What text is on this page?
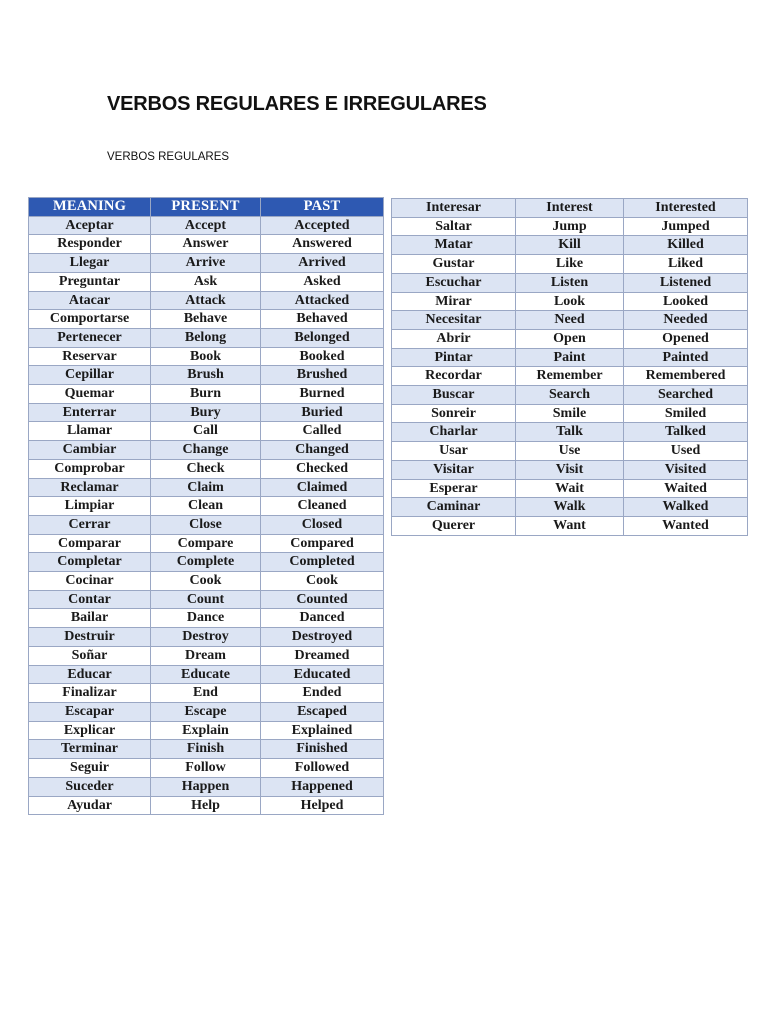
VERBOS REGULARES E IRREGULARES
VERBOS REGULARES
MEANING	PRESENT	PAST
Aceptar	Accept	Accepted
Responder	Answer	Answered
Llegar	Arrive	Arrived
Preguntar	Ask	Asked
Atacar	Attack	Attacked
Comportarse	Behave	Behaved
Pertenecer	Belong	Belonged
Reservar	Book	Booked
Cepillar	Brush	Brushed
Quemar	Burn	Burned
Enterrar	Bury	Buried
Llamar	Call	Called
Cambiar	Change	Changed
Comprobar	Check	Checked
Reclamar	Claim	Claimed
Limpiar	Clean	Cleaned
Cerrar	Close	Closed
Comparar	Compare	Compared
Completar	Complete	Completed
Cocinar	Cook	Cook
Contar	Count	Counted
Bailar	Dance	Danced
Destruir	Destroy	Destroyed
Soñar	Dream	Dreamed
Educar	Educate	Educated
Finalizar	End	Ended
Escapar	Escape	Escaped
Explicar	Explain	Explained
Terminar	Finish	Finished
Seguir	Follow	Followed
Suceder	Happen	Happened
Ayudar	Help	Helped
Interesar	Interest	Interested
Saltar	Jump	Jumped
Matar	Kill	Killed
Gustar	Like	Liked
Escuchar	Listen	Listened
Mirar	Look	Looked
Necesitar	Need	Needed
Abrir	Open	Opened
Pintar	Paint	Painted
Recordar	Remember	Remembered
Buscar	Search	Searched
Sonreir	Smile	Smiled
Charlar	Talk	Talked
Usar	Use	Used
Visitar	Visit	Visited
Esperar	Wait	Waited
Caminar	Walk	Walked
Querer	Want	Wanted
